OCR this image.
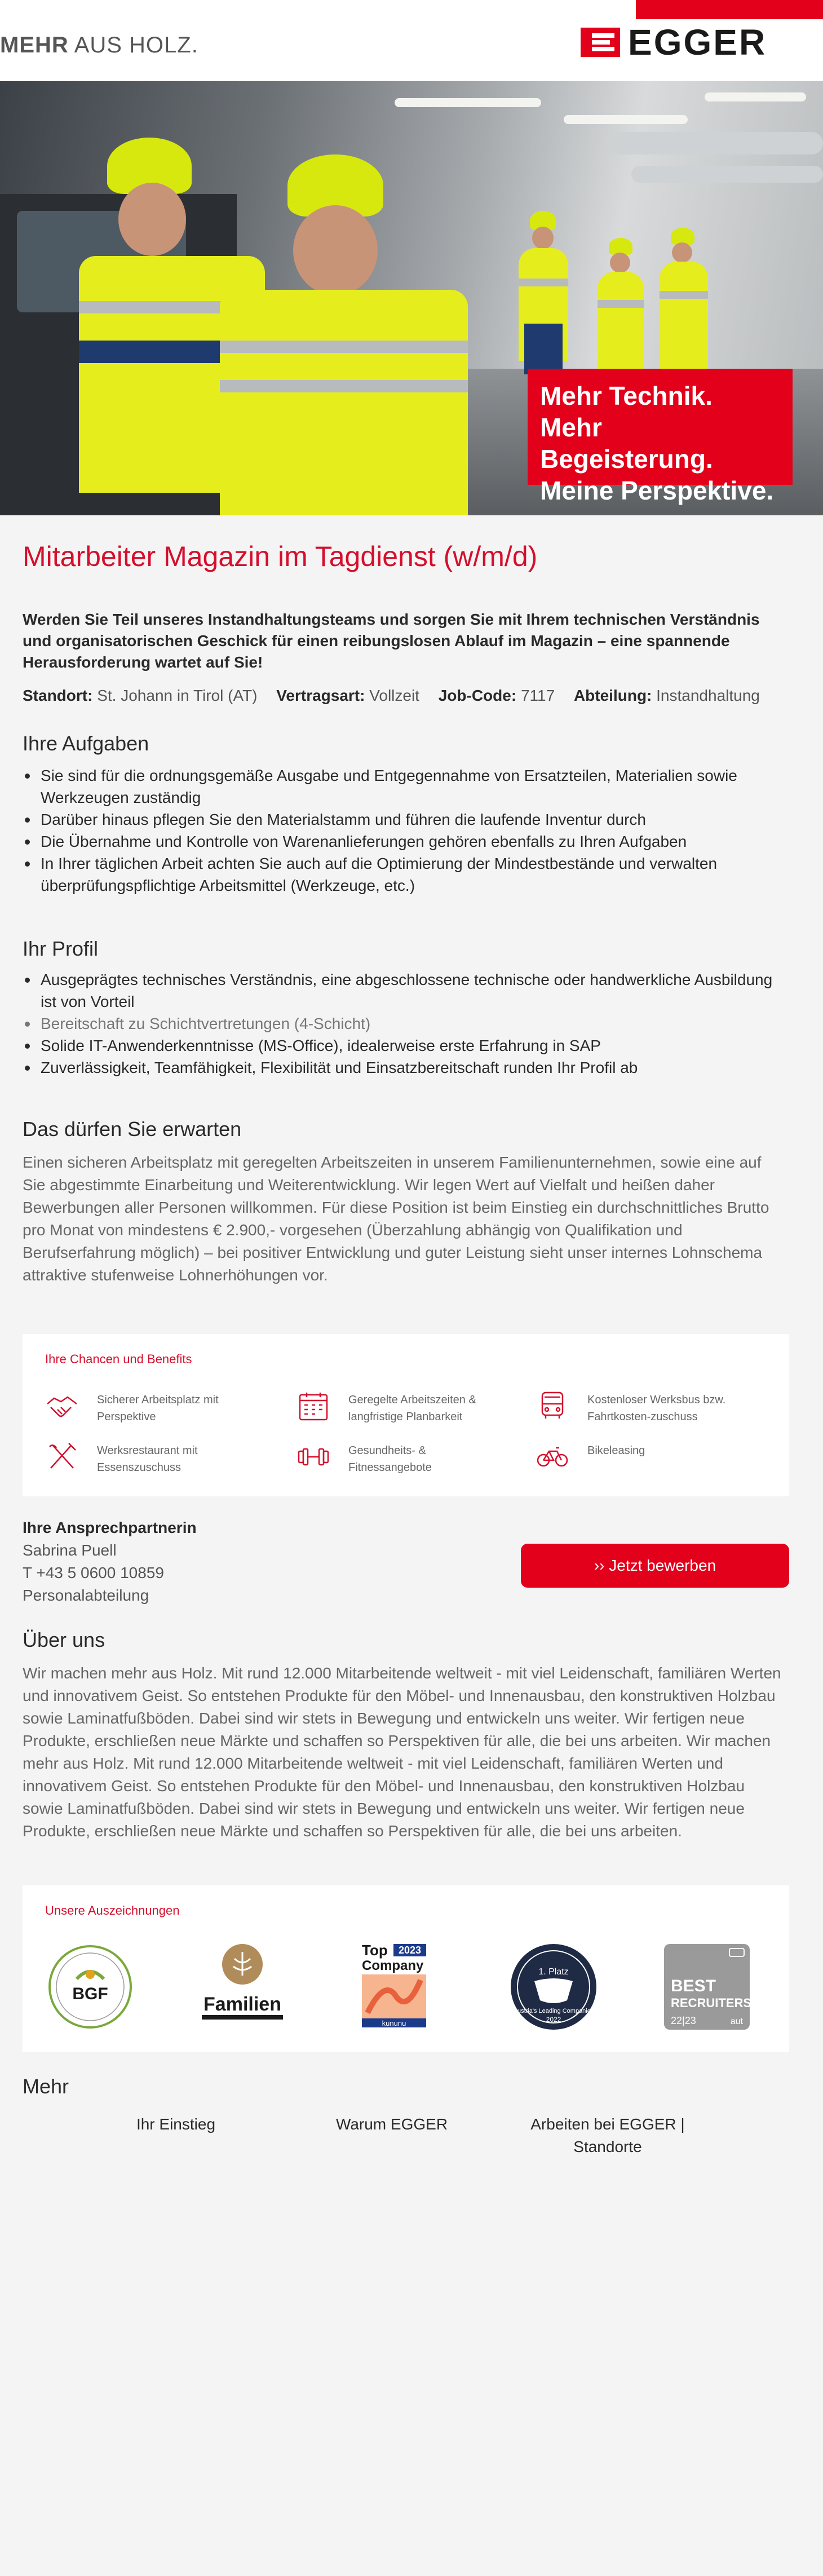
MEHR AUS HOLZ.	EGGER
Mehr Technik.
Mehr Begeisterung.
Meine Perspektive.
Mitarbeiter Magazin im Tagdienst (w/m/d)

Werden Sie Teil unseres Instandhaltungsteams und sorgen Sie mit Ihrem technischen Verständnis und organisatorischen Geschick für einen reibungslosen Ablauf im Magazin – eine spannende Herausforderung wartet auf Sie!

Standort: St. Johann in Tirol (AT) Vertragsart: Vollzeit Job-Code: 7117 Abteilung: Instandhaltung
Ihre Aufgaben
Sie sind für die ordnungsgemäße Ausgabe und Entgegennahme von Ersatzteilen, Materialien sowie Werkzeugen zuständig
Darüber hinaus pflegen Sie den Materialstamm und führen die laufende Inventur durch
Die Übernahme und Kontrolle von Warenanlieferungen gehören ebenfalls zu Ihren Aufgaben
In Ihrer täglichen Arbeit achten Sie auch auf die Optimierung der Mindestbestände und verwalten überprüfungspflichtige Arbeitsmittel (Werkzeuge, etc.)
Ihr Profil
Ausgeprägtes technisches Verständnis, eine abgeschlossene technische oder handwerkliche Ausbildung ist von Vorteil
Bereitschaft zu Schichtvertretungen (4-Schicht)
Solide IT-Anwenderkenntnisse (MS-Office), idealerweise erste Erfahrung in SAP
Zuverlässigkeit, Teamfähigkeit, Flexibilität und Einsatzbereitschaft runden Ihr Profil ab
Das dürfen Sie erwarten

Einen sicheren Arbeitsplatz mit geregelten Arbeitszeiten in unserem Familienunternehmen, sowie eine auf Sie abgestimmte Einarbeitung und Weiterentwicklung. Wir legen Wert auf Vielfalt und heißen daher Bewerbungen aller Personen willkommen. Für diese Position ist beim Einstieg ein durchschnittliches Brutto pro Monat von mindestens € 2.900,- vorgesehen (Überzahlung abhängig von Qualifikation und Berufserfahrung möglich) – bei positiver Entwicklung und guter Leistung sieht unser internes Lohnschema attraktive stufenweise Lohnerhöhungen vor.

Ihre Chancen und Benefits
Sicherer Arbeitsplatz mit Perspektive
Geregelte Arbeitszeiten & langfristige Planbarkeit
Kostenloser Werksbus bzw. Fahrtkosten-zuschuss
Werksrestaurant mit Essenszuschuss
Gesundheits- & Fitnessangebote
Bikeleasing
Ihre Ansprechpartnerin
Sabrina Puell
T +43 5 0600 10859
Personalabteilung
›› Jetzt bewerben
Über uns

Wir machen mehr aus Holz. Mit rund 12.000 Mitarbeitende weltweit - mit viel Leidenschaft, familiären Werten und innovativem Geist. So entstehen Produkte für den Möbel- und Innenausbau, den konstruktiven Holzbau sowie Laminatfußböden. Dabei sind wir stets in Bewegung und entwickeln uns weiter. Wir fertigen neue Produkte, erschließen neue Märkte und schaffen so Perspektiven für alle, die bei uns arbeiten. Wir machen mehr aus Holz. Mit rund 12.000 Mitarbeitende weltweit - mit viel Leidenschaft, familiären Werten und innovativem Geist. So entstehen Produkte für den Möbel- und Innenausbau, den konstruktiven Holzbau sowie Laminatfußböden. Dabei sind wir stets in Bewegung und entwickeln uns weiter. Wir fertigen neue Produkte, erschließen neue Märkte und schaffen so Perspektiven für alle, die bei uns arbeiten.

Unsere Auszeichnungen
BGF	Familien
Top 2023
Company
kununu
1. Platz
Austria's Leading Companies
2022
BEST
RECRUITERS
22|23	aut
Mehr
Ihr Einstieg	Warum EGGER	Arbeiten bei EGGER | Standorte
